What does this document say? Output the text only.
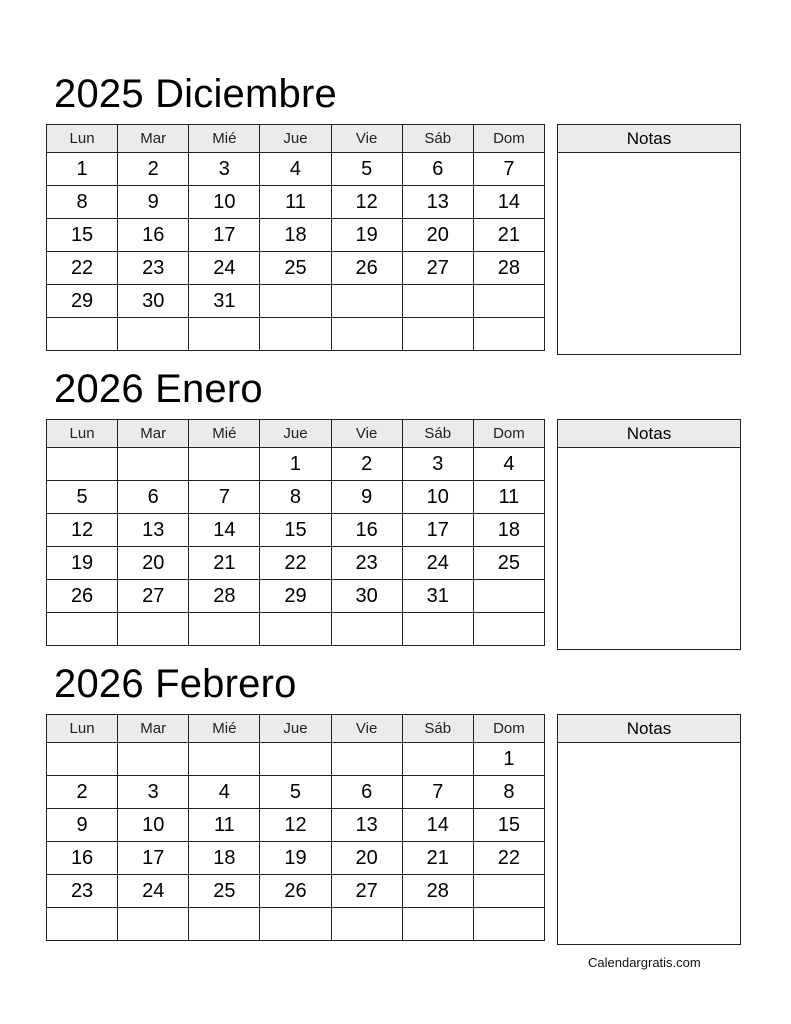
2025 Diciembre
Lun	Mar	Mié	Jue	Vie	Sáb	Dom
1	2	3	4	5	6	7
8	9	10	11	12	13	14
15	16	17	18	19	20	21
22	23	24	25	26	27	28
29	30	31				

Notas
2026 Enero
Lun	Mar	Mié	Jue	Vie	Sáb	Dom
			1	2	3	4
5	6	7	8	9	10	11
12	13	14	15	16	17	18
19	20	21	22	23	24	25
26	27	28	29	30	31	

Notas
2026 Febrero
Lun	Mar	Mié	Jue	Vie	Sáb	Dom
						1
2	3	4	5	6	7	8
9	10	11	12	13	14	15
16	17	18	19	20	21	22
23	24	25	26	27	28	

Notas
Calendargratis.com
